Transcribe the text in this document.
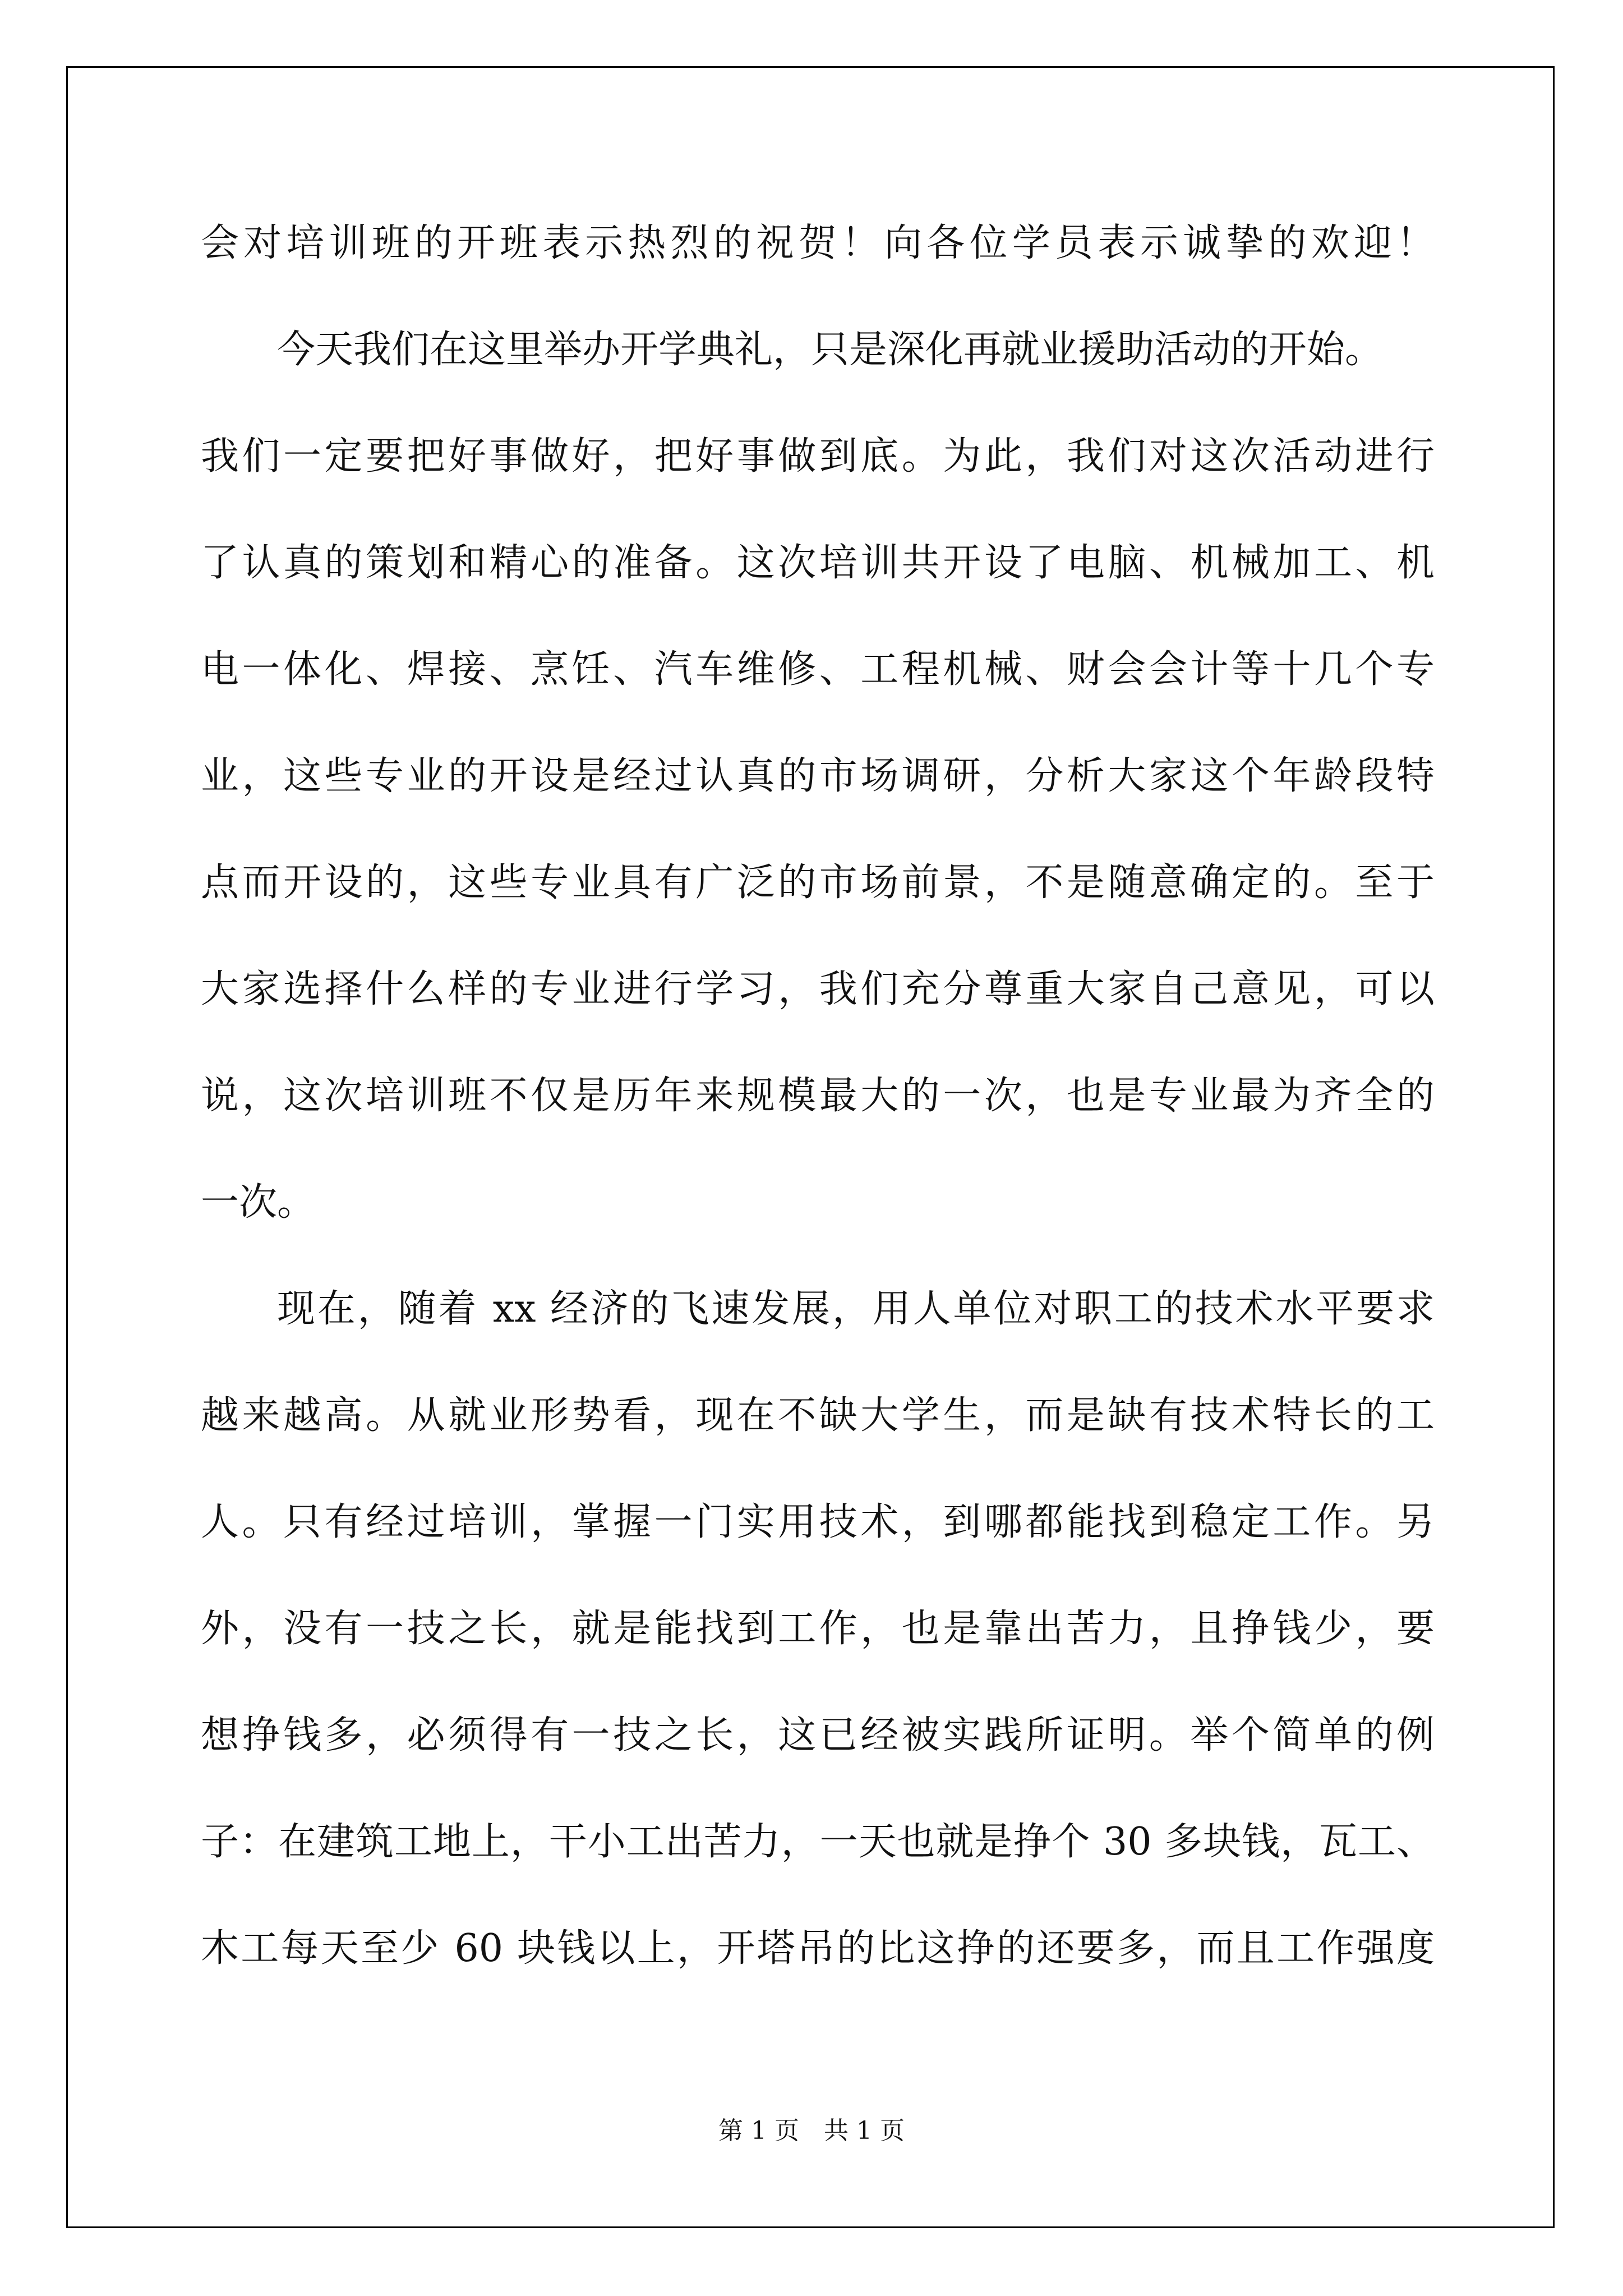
会对培训班的开班表示热烈的祝贺！向各位学员表示诚挚的欢迎！
今天我们在这里举办开学典礼，只是深化再就业援助活动的开始。
我们一定要把好事做好，把好事做到底。为此，我们对这次活动进行
了认真的策划和精心的准备。这次培训共开设了电脑、机械加工、机
电一体化、焊接、烹饪、汽车维修、工程机械、财会会计等十几个专
业，这些专业的开设是经过认真的市场调研，分析大家这个年龄段特
点而开设的，这些专业具有广泛的市场前景，不是随意确定的。至于
大家选择什么样的专业进行学习，我们充分尊重大家自己意见，可以
说，这次培训班不仅是历年来规模最大的一次，也是专业最为齐全的
一次。
现在，随着 xx 经济的飞速发展，用人单位对职工的技术水平要求
越来越高。从就业形势看，现在不缺大学生，而是缺有技术特长的工
人。只有经过培训，掌握一门实用技术，到哪都能找到稳定工作。另
外，没有一技之长，就是能找到工作，也是靠出苦力，且挣钱少，要
想挣钱多，必须得有一技之长，这已经被实践所证明。举个简单的例
子：在建筑工地上，干小工出苦力，一天也就是挣个 30 多块钱，瓦工、
木工每天至少 60 块钱以上，开塔吊的比这挣的还要多，而且工作强度
第 1 页　共 1 页
